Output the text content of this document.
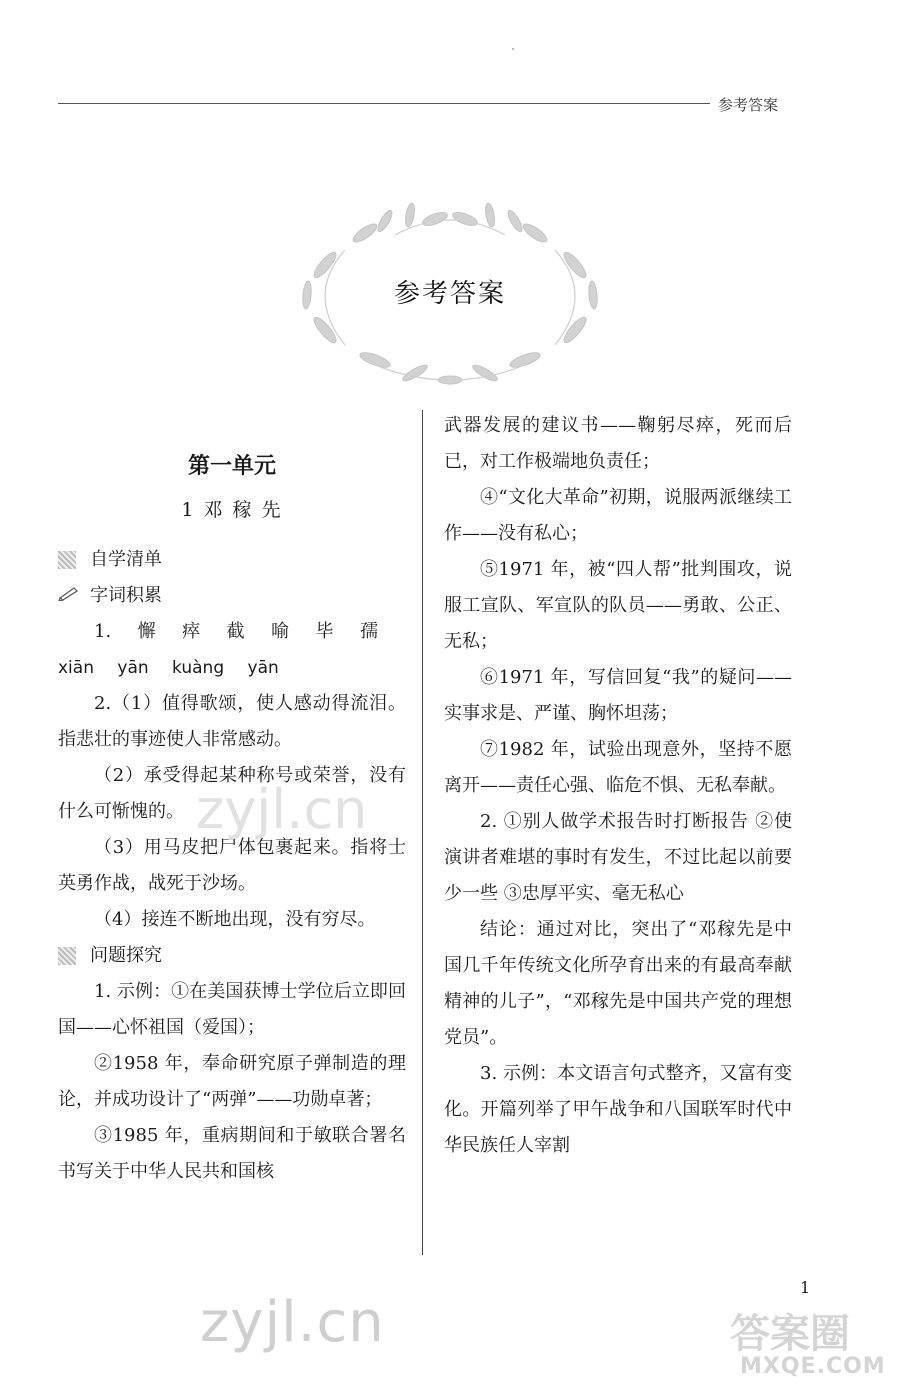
参考答案
参考答案
第一单元
1 邓 稼 先
自学清单
字词积累
1. 懈 瘁 截 喻 毕 孺
xiān yān kuàng yān

2.（1）值得歌颂，使人感动得流泪。指悲壮的事迹使人非常感动。

（2）承受得起某种称号或荣誉，没有什么可惭愧的。

（3）用马皮把尸体包裹起来。指将士英勇作战，战死于沙场。

（4）接连不断地出现，没有穷尽。

问题探究

1. 示例：①在美国获博士学位后立即回国——心怀祖国（爱国）；

②1958 年，奉命研究原子弹制造的理论，并成功设计了“两弹”——功勋卓著；

③1985 年，重病期间和于敏联合署名书写关于中华人民共和国核

武器发展的建议书——鞠躬尽瘁，死而后已，对工作极端地负责任；

④“文化大革命”初期，说服两派继续工作——没有私心；

⑤1971 年，被“四人帮”批判围攻，说服工宣队、军宣队的队员——勇敢、公正、无私；

⑥1971 年，写信回复“我”的疑问——实事求是、严谨、胸怀坦荡；

⑦1982 年，试验出现意外，坚持不愿离开——责任心强、临危不惧、无私奉献。

2. ①别人做学术报告时打断报告 ②使演讲者难堪的事时有发生，不过比起以前要少一些 ③忠厚平实、毫无私心

结论：通过对比，突出了“邓稼先是中国几千年传统文化所孕育出来的有最高奉献精神的儿子”，“邓稼先是中国共产党的理想党员”。

3. 示例：本文语言句式整齐，又富有变化。开篇列举了甲午战争和八国联军时代中华民族任人宰割

1
zyjl.cn
zyjl.cn	答案圈
MXQE.COM
